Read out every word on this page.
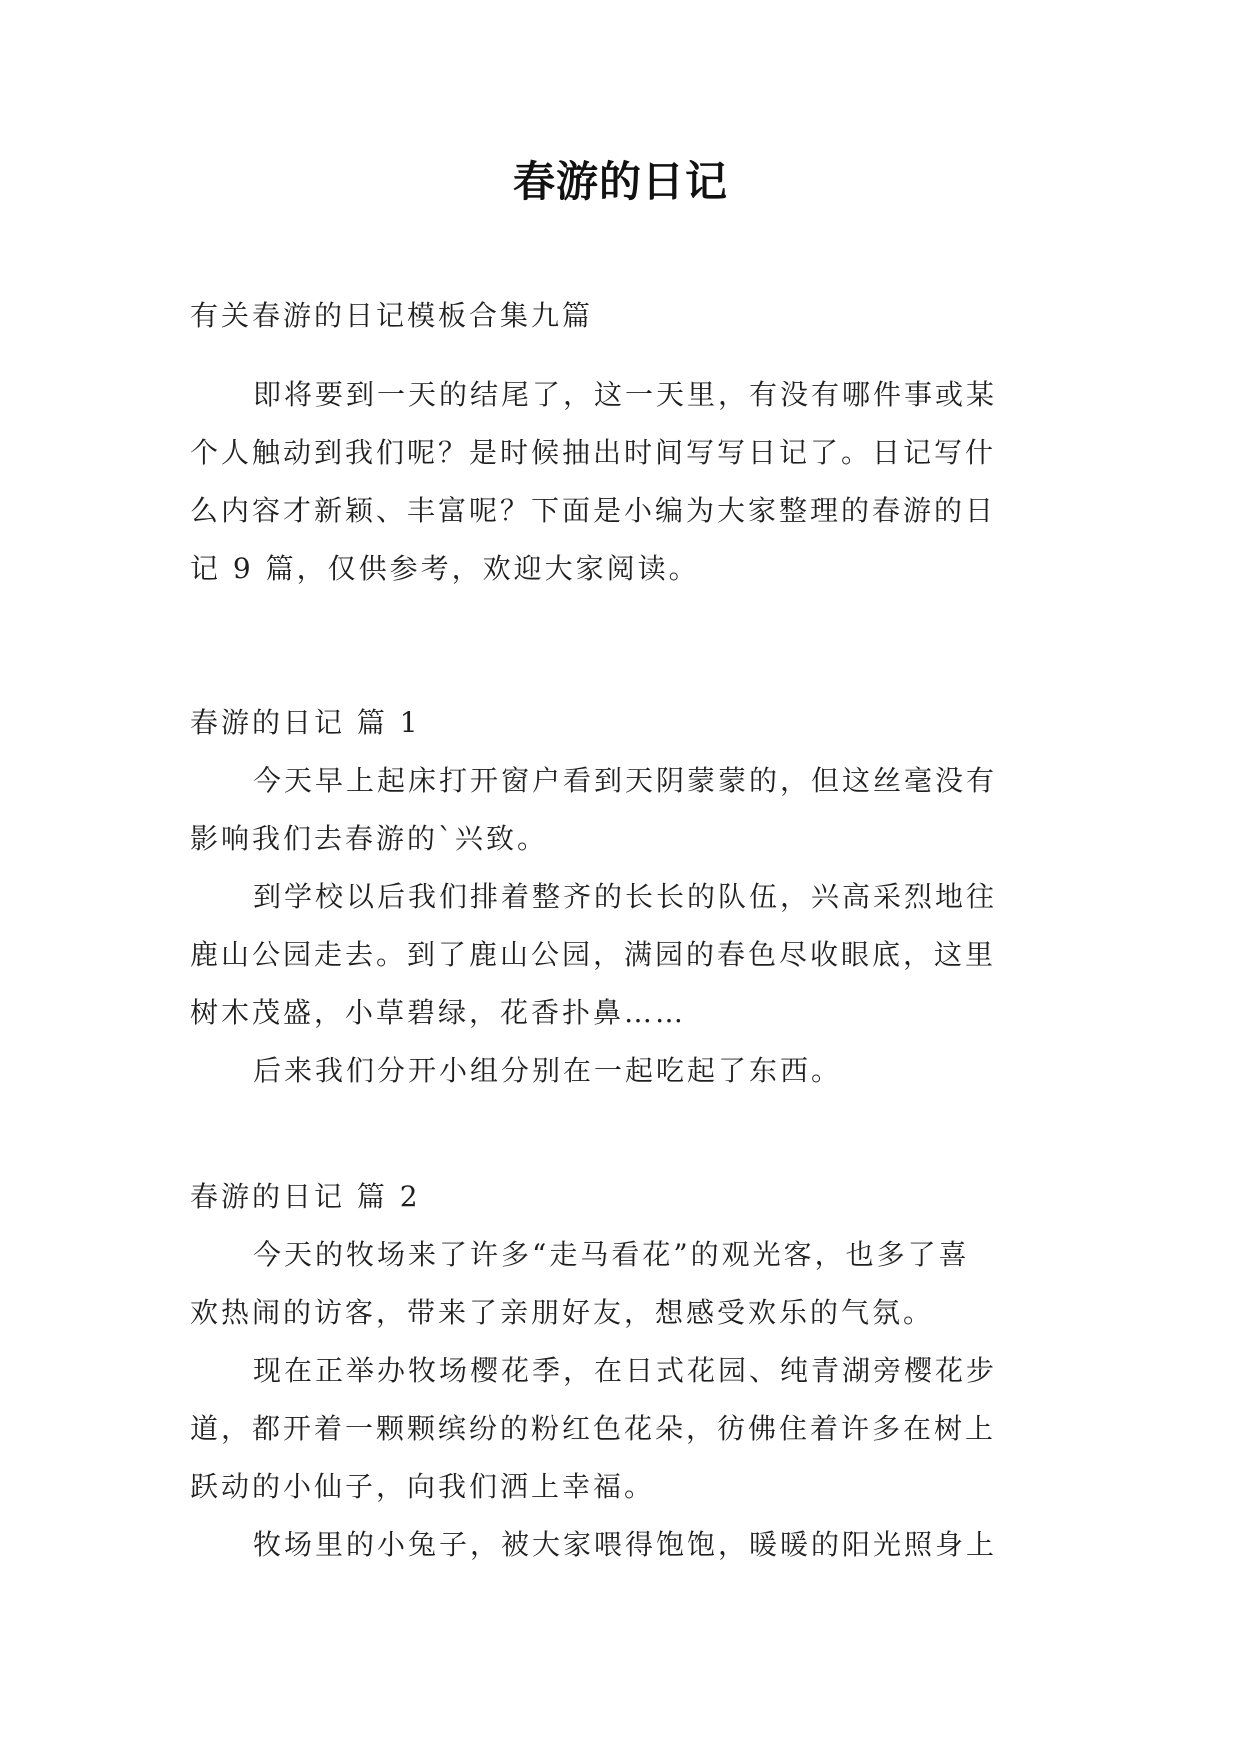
春游的日记
有关春游的日记模板合集九篇
即将要到一天的结尾了，这一天里，有没有哪件事或某
个人触动到我们呢？是时候抽出时间写写日记了。日记写什
么内容才新颖、丰富呢？下面是小编为大家整理的春游的日
记 9 篇，仅供参考，欢迎大家阅读。
春游的日记 篇 1
今天早上起床打开窗户看到天阴蒙蒙的，但这丝毫没有
影响我们去春游的`兴致。
到学校以后我们排着整齐的长长的队伍，兴高采烈地往
鹿山公园走去。到了鹿山公园，满园的春色尽收眼底，这里
树木茂盛，小草碧绿，花香扑鼻……
后来我们分开小组分别在一起吃起了东西。
春游的日记 篇 2
今天的牧场来了许多“走马看花”的观光客，也多了喜
欢热闹的访客，带来了亲朋好友，想感受欢乐的气氛。
现在正举办牧场樱花季，在日式花园、纯青湖旁樱花步
道，都开着一颗颗缤纷的粉红色花朵，彷佛住着许多在树上
跃动的小仙子，向我们洒上幸福。
牧场里的小兔子，被大家喂得饱饱，暖暖的阳光照身上
